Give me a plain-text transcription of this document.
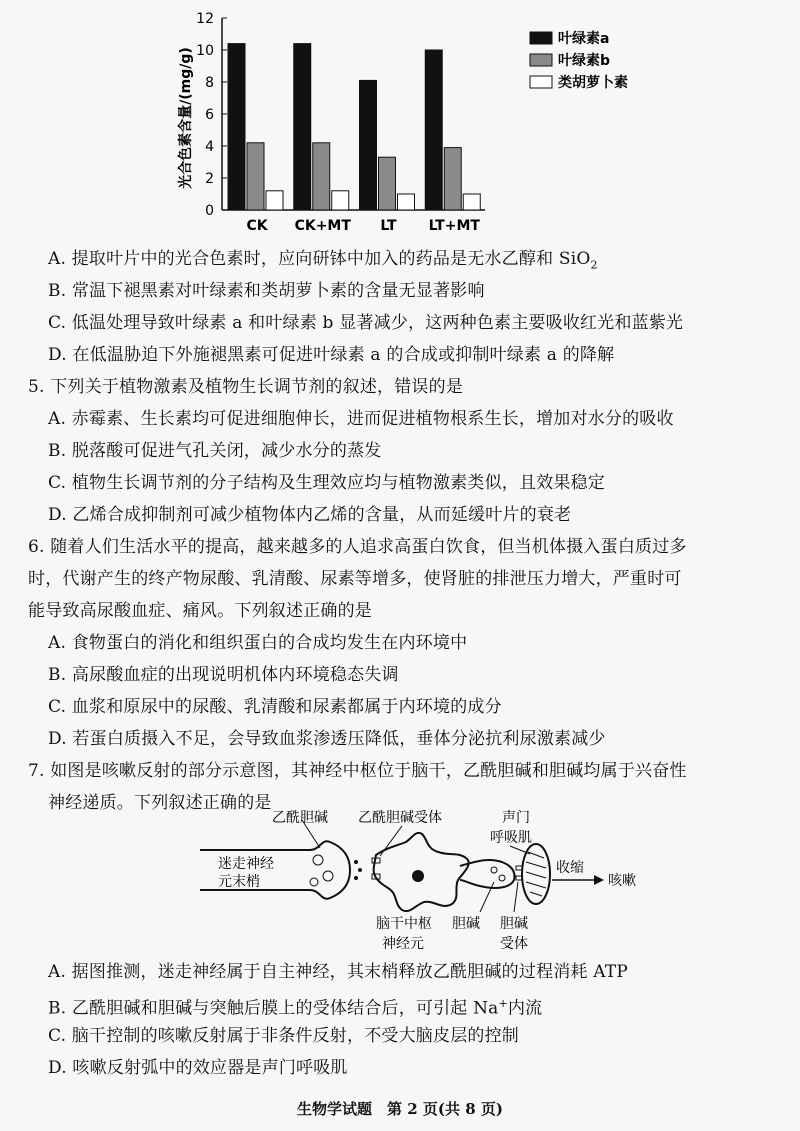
0
2
4
6
8
10
12
光合色素含量/(mg/g)
CK CK+MT LT LT+MT
叶绿素a
叶绿素b
类胡萝卜素
A. 提取叶片中的光合色素时，应向研钵中加入的药品是无水乙醇和 SiO$_2$
B. 常温下褪黑素对叶绿素和类胡萝卜素的含量无显著影响
C. 低温处理导致叶绿素 a 和叶绿素 b 显著减少，这两种色素主要吸收红光和蓝紫光
D. 在低温胁迫下外施褪黑素可促进叶绿素 a 的合成或抑制叶绿素 a 的降解
5. 下列关于植物激素及植物生长调节剂的叙述，错误的是
A. 赤霉素、生长素均可促进细胞伸长，进而促进植物根系生长，增加对水分的吸收
B. 脱落酸可促进气孔关闭，减少水分的蒸发
C. 植物生长调节剂的分子结构及生理效应均与植物激素类似，且效果稳定
D. 乙烯合成抑制剂可减少植物体内乙烯的含量，从而延缓叶片的衰老
6. 随着人们生活水平的提高，越来越多的人追求高蛋白饮食，但当机体摄入蛋白质过多
时，代谢产生的终产物尿酸、乳清酸、尿素等增多，使肾脏的排泄压力增大，严重时可
能导致高尿酸血症、痛风。下列叙述正确的是
A. 食物蛋白的消化和组织蛋白的合成均发生在内环境中
B. 高尿酸血症的出现说明机体内环境稳态失调
C. 血浆和原尿中的尿酸、乳清酸和尿素都属于内环境的成分
D. 若蛋白质摄入不足，会导致血浆渗透压降低，垂体分泌抗利尿激素减少
7. 如图是咳嗽反射的部分示意图，其神经中枢位于脑干，乙酰胆碱和胆碱均属于兴奋性
神经递质。下列叙述正确的是
乙酰胆碱 乙酰胆碱受体	声门
呼吸肌
迷走神经
元末梢
收缩
咳嗽
脑干中枢
神经元
胆碱 胆碱
受体
A. 据图推测，迷走神经属于自主神经，其末梢释放乙酰胆碱的过程消耗 ATP
B. 乙酰胆碱和胆碱与突触后膜上的受体结合后，可引起 Na+内流
C. 脑干控制的咳嗽反射属于非条件反射，不受大脑皮层的控制
D. 咳嗽反射弧中的效应器是声门呼吸肌
生物学试题　第 2 页(共 8 页)
